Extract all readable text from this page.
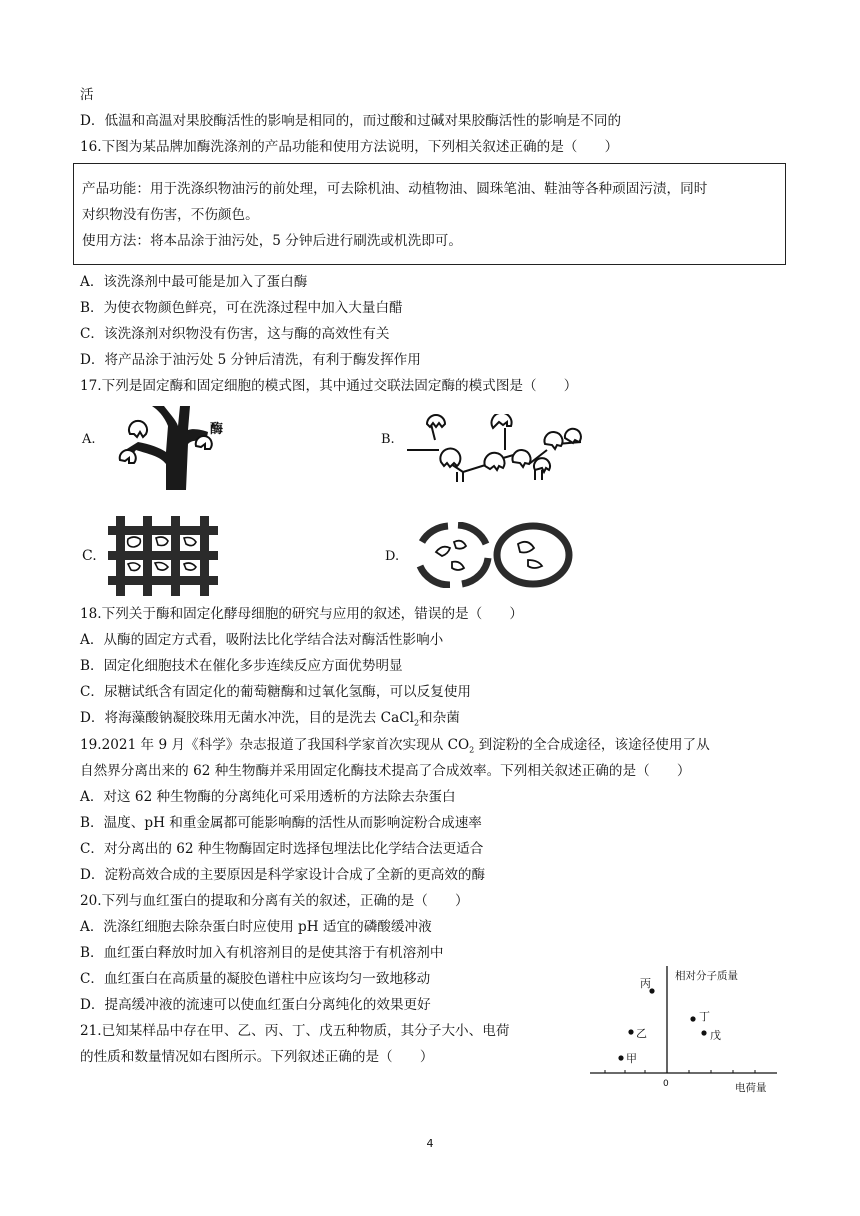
活
D．低温和高温对果胶酶活性的影响是相同的，而过酸和过碱对果胶酶活性的影响是不同的
16.下图为某品牌加酶洗涤剂的产品功能和使用方法说明，下列相关叙述正确的是（　　）
产品功能：用于洗涤织物油污的前处理，可去除机油、动植物油、圆珠笔油、鞋油等各种顽固污渍，同时
对织物没有伤害，不伤颜色。
使用方法：将本品涂于油污处，5 分钟后进行刷洗或机洗即可。
A．该洗涤剂中最可能是加入了蛋白酶
B．为使衣物颜色鲜亮，可在洗涤过程中加入大量白醋
C．该洗涤剂对织物没有伤害，这与酶的高效性有关
D．将产品涂于油污处 5 分钟后清洗，有利于酶发挥作用
17.下列是固定酶和固定细胞的模式图，其中通过交联法固定酶的模式图是（　　）
A.	B.
C.	D.
酶
18.下列关于酶和固定化酵母细胞的研究与应用的叙述，错误的是（　　）
A．从酶的固定方式看，吸附法比化学结合法对酶活性影响小
B．固定化细胞技术在催化多步连续反应方面优势明显
C．尿糖试纸含有固定化的葡萄糖酶和过氧化氢酶，可以反复使用
D．将海藻酸钠凝胶珠用无菌水冲洗，目的是洗去 CaCl$_2$和杂菌
19.2021 年 9 月《科学》杂志报道了我国科学家首次实现从 $CO_2$ 到淀粉的全合成途径，该途径使用了从
自然界分离出来的 62 种生物酶并采用固定化酶技术提高了合成效率。下列相关叙述正确的是（　　）
A．对这 62 种生物酶的分离纯化可采用透析的方法除去杂蛋白
B．温度、pH 和重金属都可能影响酶的活性从而影响淀粉合成速率
C．对分离出的 62 种生物酶固定时选择包埋法比化学结合法更适合
D．淀粉高效合成的主要原因是科学家设计合成了全新的更高效的酶
20.下列与血红蛋白的提取和分离有关的叙述，正确的是（　　）
A．洗涤红细胞去除杂蛋白时应使用 pH 适宜的磷酸缓冲液
B．血红蛋白释放时加入有机溶剂目的是使其溶于有机溶剂中
C．血红蛋白在高质量的凝胶色谱柱中应该均匀一致地移动
D．提高缓冲液的流速可以使血红蛋白分离纯化的效果更好
21.已知某样品中存在甲、乙、丙、丁、戊五种物质，其分子大小、电荷
的性质和数量情况如右图所示。下列叙述正确的是（　　）
相对分子质量
电荷量
0
丙
乙
甲
丁
戊
4
